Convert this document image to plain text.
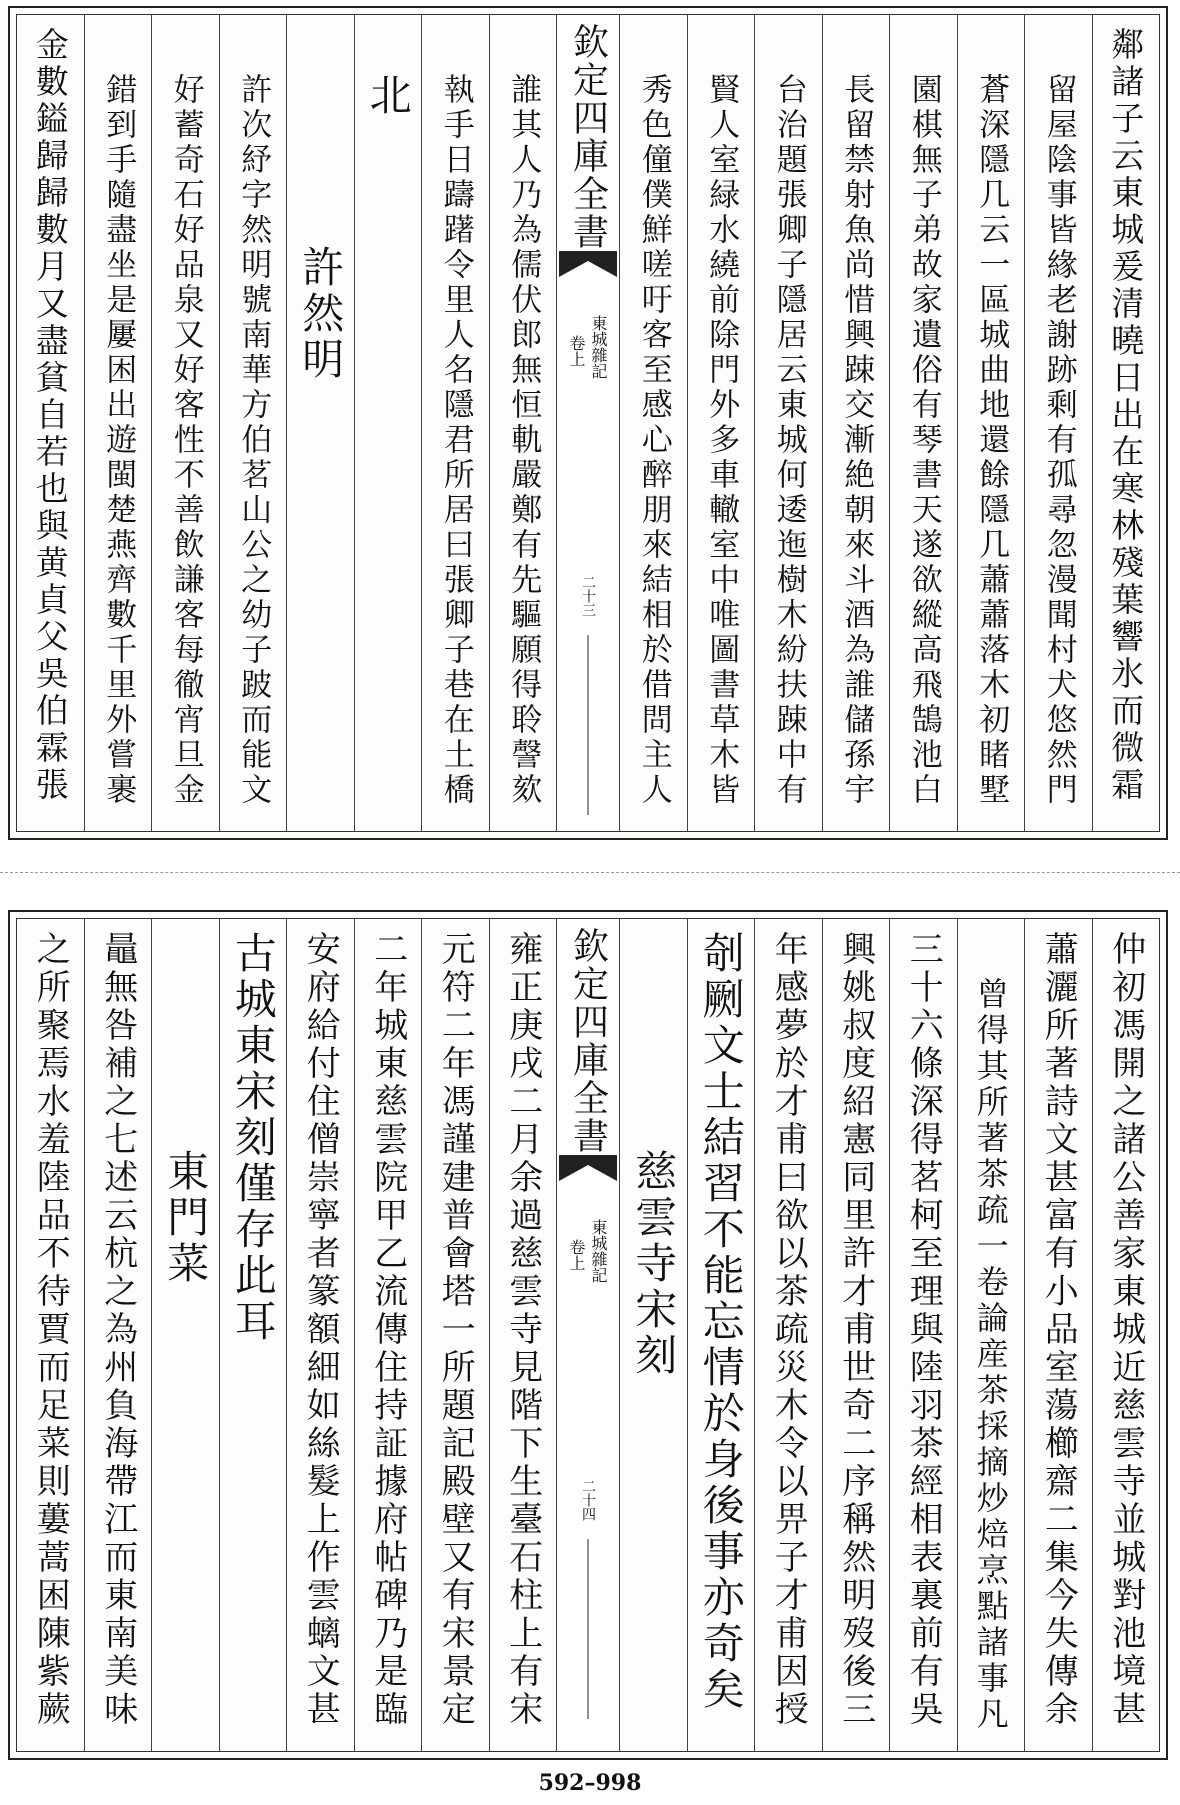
鄰諸子云東城爰清曉日出在寒林殘葉響氷而微霜
留屋陰事皆緣老謝跡剩有孤尋忽漫聞村犬悠然門
蒼深隱几云一區城曲地還餘隱几蕭蕭落木初睹墅
園棋無子弟故家遺俗有琴書天遂欲縱高飛鵠池白
長留禁射魚尚惜興踈交漸絶朝來斗酒為誰儲孫宇
台治題張卿子隱居云東城何逶迤樹木紛扶踈中有
賢人室緑水繞前除門外多車轍室中唯圖書草木皆
秀色僮僕鮮嗟吁客至感心醉朋來結相於借問主人
欽定四庫全書
東城雜記
卷上
二十三
誰其人乃為儒伏郎無恒軌嚴鄭有先驅願得聆謦欬
執手日躊躇令里人名隱君所居曰張卿子巷在土橋
北
許然明
許次紓字然明號南華方伯茗山公之幼子跛而能文
好蓄奇石好品泉又好客性不善飲謙客每徹宵旦金
錯到手隨盡坐是屢困出遊閩楚燕齊數千里外嘗裹
金數鎰歸歸數月又盡貧自若也與黄貞父吳伯霖張
仲初馮開之諸公善家東城近慈雲寺並城對池境甚
蕭灑所著詩文甚富有小品室蕩櫛齋二集今失傳余
曾得其所著茶疏一卷論産茶採摘炒焙烹點諸事凡
三十六條深得茗柯至理與陸羽茶經相表裏前有吳
興姚叔度紹憲同里許才甫世奇二序稱然明歿後三
年感夢於才甫曰欲以茶疏災木令以畀子才甫因授
剞劂文士結習不能忘情於身後事亦奇矣
慈雲寺宋刻
欽定四庫全書
東城雜記
卷上
二十四
雍正庚戌二月余過慈雲寺見階下生臺石柱上有宋
元符二年馮謹建普會塔一所題記殿壁又有宋景定
二年城東慈雲院甲乙流傳住持証據府帖碑乃是臨
安府給付住僧崇寧者篆額細如絲髮上作雲螭文甚
古城東宋刻僅存此耳
東門菜
鼂無咎補之七述云杭之為州負海帶江而東南美味
之所聚焉水羞陸品不待賈而足菜則蔞蒿困陳紫蕨
592–998
